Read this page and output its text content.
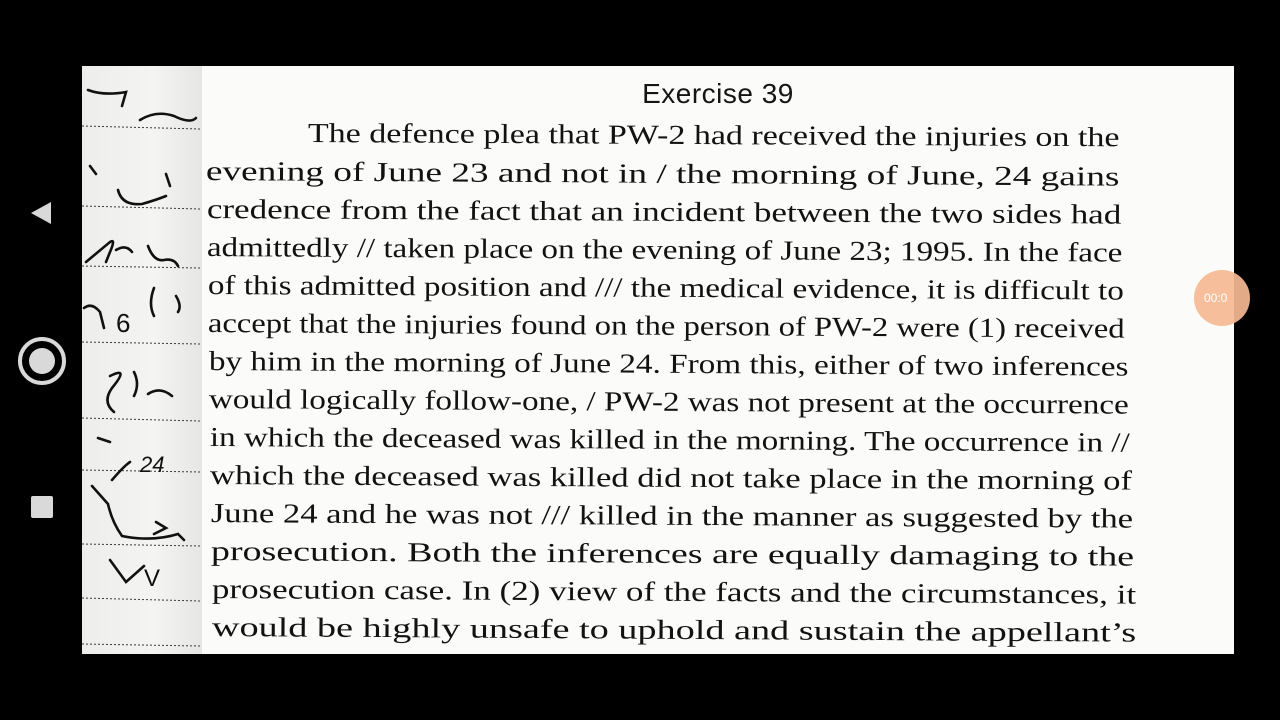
24
6
V
Exercise 39
The defence plea that PW-2 had received the injuries on the
evening of June 23 and not in / the morning of June, 24 gains
credence from the fact that an incident between the two sides had
admittedly // taken place on the evening of June 23; 1995. In the face
of this admitted position and /// the medical evidence, it is difficult to
accept that the injuries found on the person of PW-2 were (1) received
by him in the morning of June 24. From this, either of two inferences
would logically follow-one, / PW-2 was not present at the occurrence
in which the deceased was killed in the morning. The occurrence in //
which the deceased was killed did not take place in the morning of
June 24 and he was not /// killed in the manner as suggested by the
prosecution. Both the inferences are equally damaging to the
prosecution case. In (2) view of the facts and the circumstances, it
would be highly unsafe to uphold and sustain the appellant’s
00:0
